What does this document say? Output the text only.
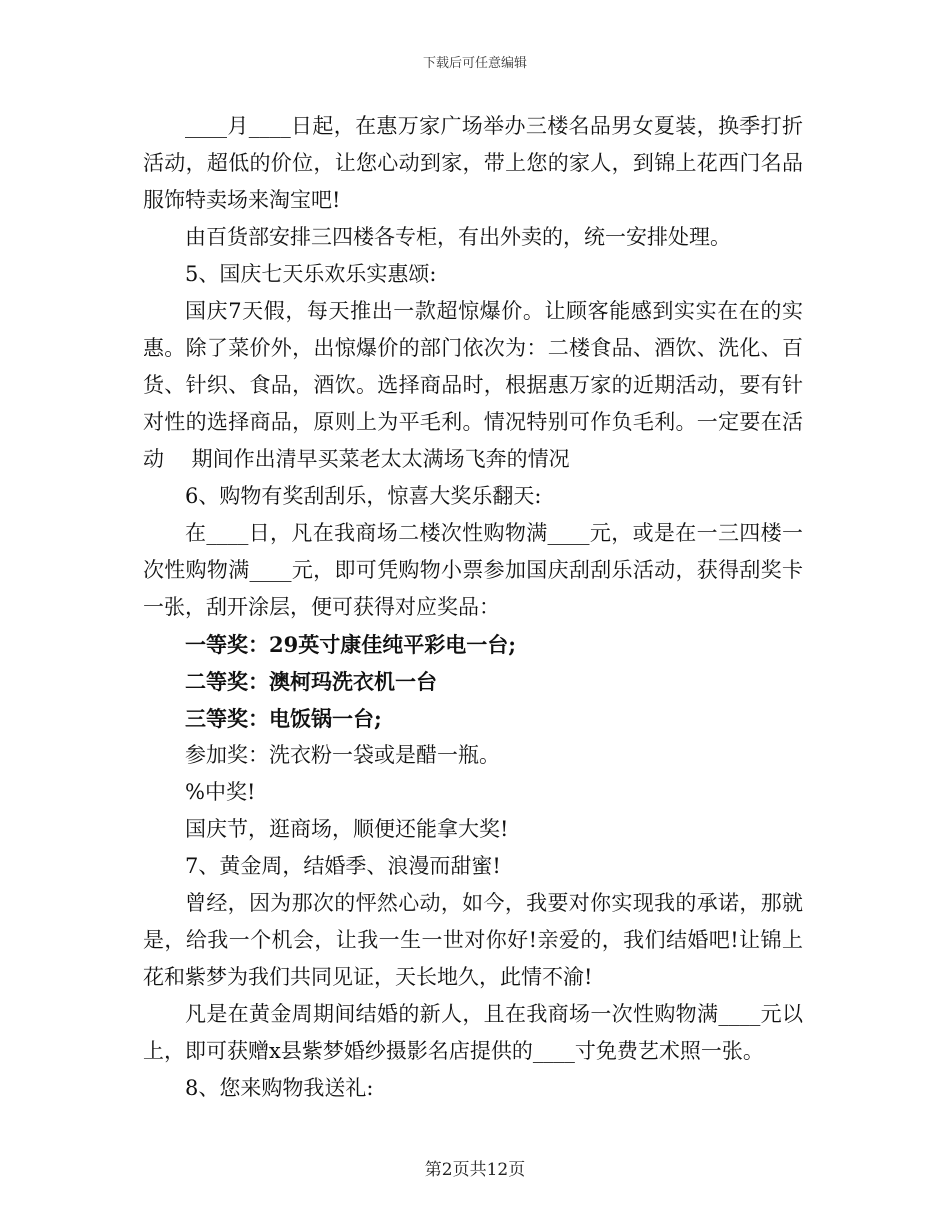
下载后可任意编辑

____月____日起，在惠万家广场举办三楼名品男女夏装，换季打折活动，超低的价位，让您心动到家，带上您的家人，到锦上花西门名品服饰特卖场来淘宝吧!

由百货部安排三四楼各专柜，有出外卖的，统一安排处理。

5、国庆七天乐欢乐实惠颂:

国庆7天假，每天推出一款超惊爆价。让顾客能感到实实在在的实惠。除了菜价外，出惊爆价的部门依次为：二楼食品、酒饮、洗化、百货、针织、食品，酒饮。选择商品时，根据惠万家的近期活动，要有针对性的选择商品，原则上为平毛利。情况特别可作负毛利。一定要在活动　 期间作出清早买菜老太太满场飞奔的情况

6、购物有奖刮刮乐，惊喜大奖乐翻天:

在____日，凡在我商场二楼次性购物满____元，或是在一三四楼一次性购物满____元，即可凭购物小票参加国庆刮刮乐活动，获得刮奖卡一张，刮开涂层，便可获得对应奖品：

一等奖：29英寸康佳纯平彩电一台;

二等奖：澳柯玛洗衣机一台

三等奖：电饭锅一台;

参加奖：洗衣粉一袋或是醋一瓶。

%中奖!

国庆节，逛商场，顺便还能拿大奖!

7、黄金周，结婚季、浪漫而甜蜜!

曾经，因为那次的怦然心动，如今，我要对你实现我的承诺，那就是，给我一个机会，让我一生一世对你好!亲爱的，我们结婚吧!让锦上花和紫梦为我们共同见证，天长地久，此情不渝!

凡是在黄金周期间结婚的新人，且在我商场一次性购物满____元以上，即可获赠x县紫梦婚纱摄影名店提供的____寸免费艺术照一张。

8、您来购物我送礼:

第2页共12页
